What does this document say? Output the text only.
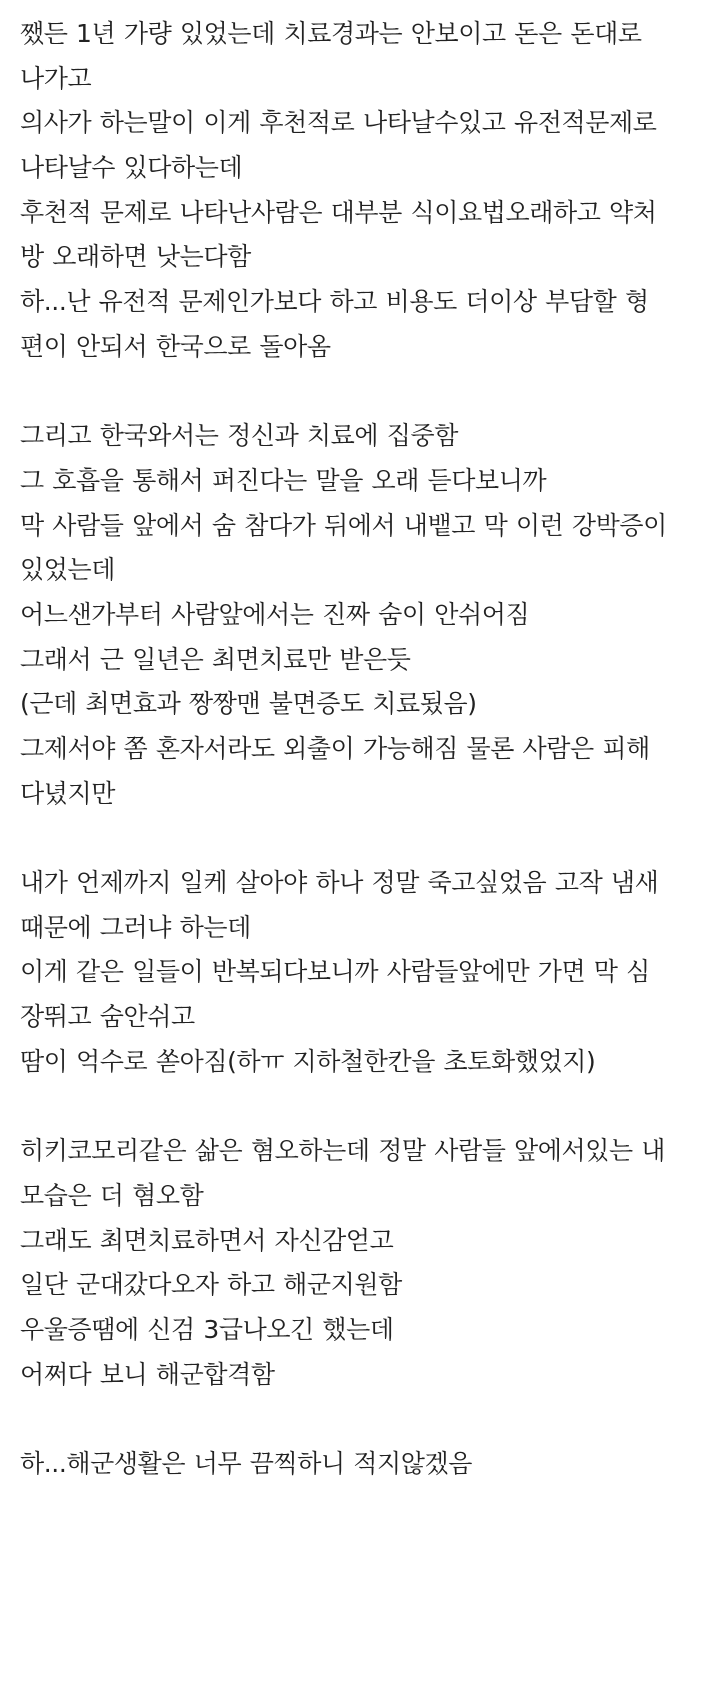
쨌든 1년 가량 있었는데 치료경과는 안보이고 돈은 돈대로
나가고
의사가 하는말이 이게 후천적로 나타날수있고 유전적문제로
나타날수 있다하는데
후천적 문제로 나타난사람은 대부분 식이요법오래하고 약처
방 오래하면 낫는다함
하...난 유전적 문제인가보다 하고 비용도 더이상 부담할 형
편이 안되서 한국으로 돌아옴
그리고 한국와서는 정신과 치료에 집중함
그 호흡을 통해서 퍼진다는 말을 오래 듣다보니까
막 사람들 앞에서 숨 참다가 뒤에서 내뱉고 막 이런 강박증이
있었는데
어느샌가부터 사람앞에서는 진짜 숨이 안쉬어짐
그래서 근 일년은 최면치료만 받은듯
(근데 최면효과 짱짱맨 불면증도 치료됬음)
그제서야 쫌 혼자서라도 외출이 가능해짐 물론 사람은 피해
다녔지만
내가 언제까지 일케 살아야 하나 정말 죽고싶었음 고작 냄새
때문에 그러냐 하는데
이게 같은 일들이 반복되다보니까 사람들앞에만 가면 막 심
장뛰고 숨안쉬고
땀이 억수로 쏟아짐(하ㅠ 지하철한칸을 초토화했었지)
히키코모리같은 삶은 혐오하는데 정말 사람들 앞에서있는 내
모습은 더 혐오함
그래도 최면치료하면서 자신감얻고
일단 군대갔다오자 하고 해군지원함
우울증땜에 신검 3급나오긴 했는데
어쩌다 보니 해군합격함
하...해군생활은 너무 끔찍하니 적지않겠음
